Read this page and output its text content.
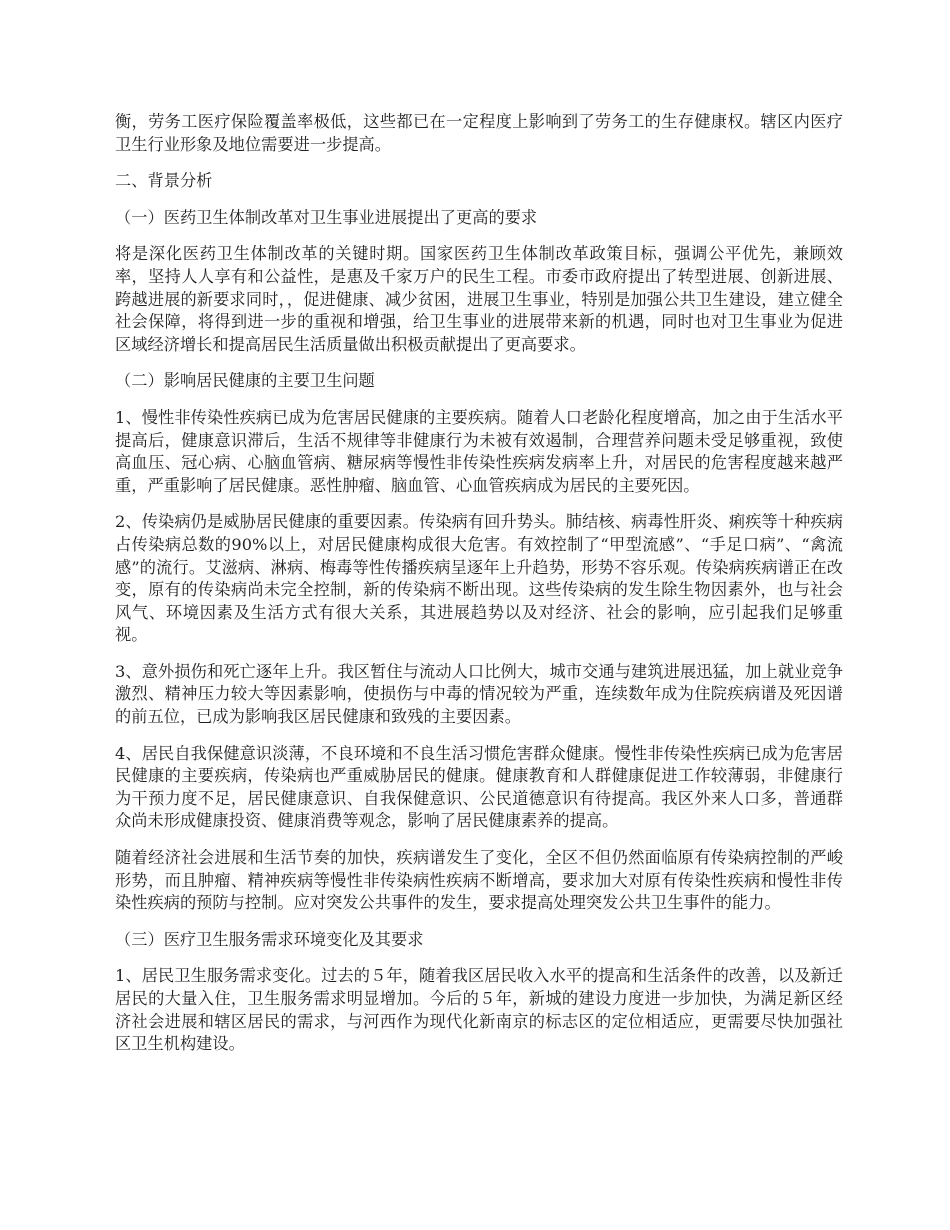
衡，劳务工医疗保险覆盖率极低，这些都已在一定程度上影响到了劳务工的生存健康权。辖区内医疗卫生行业形象及地位需要进一步提高。

二、背景分析

（一）医药卫生体制改革对卫生事业进展提出了更高的要求

将是深化医药卫生体制改革的关键时期。国家医药卫生体制改革政策目标，强调公平优先，兼顾效率，坚持人人享有和公益性，是惠及千家万户的民生工程。市委市政府提出了转型进展、创新进展、跨越进展的新要求同时，，促进健康、减少贫困，进展卫生事业，特别是加强公共卫生建设，建立健全社会保障，将得到进一步的重视和增强，给卫生事业的进展带来新的机遇，同时也对卫生事业为促进区域经济增长和提高居民生活质量做出积极贡献提出了更高要求。

（二）影响居民健康的主要卫生问题

1、慢性非传染性疾病已成为危害居民健康的主要疾病。随着人口老龄化程度增高，加之由于生活水平提高后，健康意识滞后，生活不规律等非健康行为未被有效遏制，合理营养问题未受足够重视，致使高血压、冠心病、心脑血管病、糖尿病等慢性非传染性疾病发病率上升，对居民的危害程度越来越严重，严重影响了居民健康。恶性肿瘤、脑血管、心血管疾病成为居民的主要死因。

2、传染病仍是威胁居民健康的重要因素。传染病有回升势头。肺结核、病毒性肝炎、痢疾等十种疾病占传染病总数的90%以上，对居民健康构成很大危害。有效控制了“甲型流感”、“手足口病”、“禽流感”的流行。艾滋病、淋病、梅毒等性传播疾病呈逐年上升趋势，形势不容乐观。传染病疾病谱正在改变，原有的传染病尚未完全控制，新的传染病不断出现。这些传染病的发生除生物因素外，也与社会风气、环境因素及生活方式有很大关系，其进展趋势以及对经济、社会的影响，应引起我们足够重视。

3、意外损伤和死亡逐年上升。我区暂住与流动人口比例大，城市交通与建筑进展迅猛，加上就业竞争激烈、精神压力较大等因素影响，使损伤与中毒的情况较为严重，连续数年成为住院疾病谱及死因谱的前五位，已成为影响我区居民健康和致残的主要因素。

4、居民自我保健意识淡薄，不良环境和不良生活习惯危害群众健康。慢性非传染性疾病已成为危害居民健康的主要疾病，传染病也严重威胁居民的健康。健康教育和人群健康促进工作较薄弱，非健康行为干预力度不足，居民健康意识、自我保健意识、公民道德意识有待提高。我区外来人口多，普通群众尚未形成健康投资、健康消费等观念，影响了居民健康素养的提高。

随着经济社会进展和生活节奏的加快，疾病谱发生了变化，全区不但仍然面临原有传染病控制的严峻形势，而且肿瘤、精神疾病等慢性非传染病性疾病不断增高，要求加大对原有传染性疾病和慢性非传染性疾病的预防与控制。应对突发公共事件的发生，要求提高处理突发公共卫生事件的能力。

（三）医疗卫生服务需求环境变化及其要求

1、居民卫生服务需求变化。过去的５年，随着我区居民收入水平的提高和生活条件的改善，以及新迁居民的大量入住，卫生服务需求明显增加。今后的５年，新城的建设力度进一步加快，为满足新区经济社会进展和辖区居民的需求，与河西作为现代化新南京的标志区的定位相适应，更需要尽快加强社区卫生机构建设。
